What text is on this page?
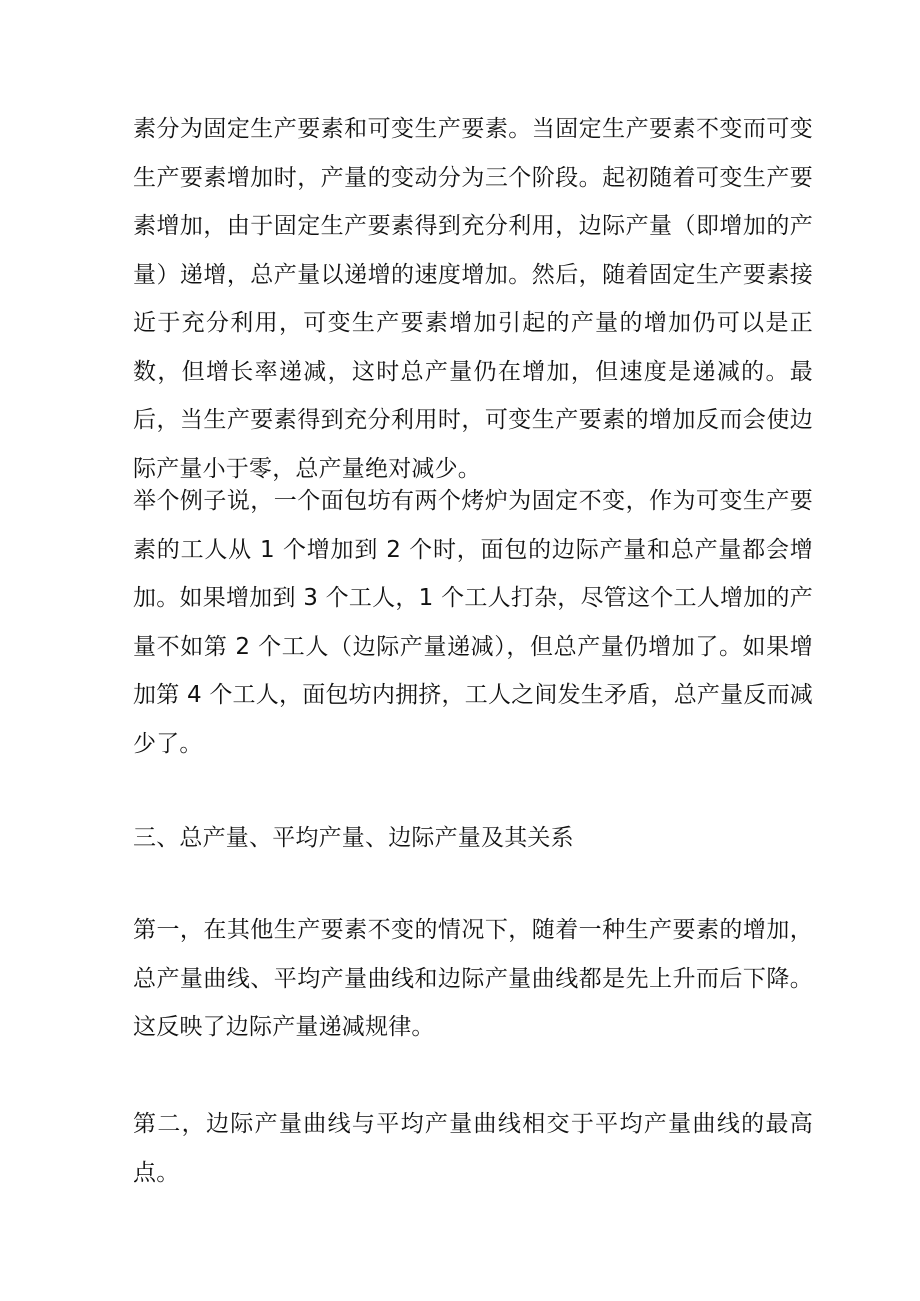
素分为固定生产要素和可变生产要素。当固定生产要素不变而可变生产要素增加时，产量的变动分为三个阶段。起初随着可变生产要素增加，由于固定生产要素得到充分利用，边际产量（即增加的产量）递增，总产量以递增的速度增加。然后，随着固定生产要素接近于充分利用，可变生产要素增加引起的产量的增加仍可以是正数，但增长率递减，这时总产量仍在增加，但速度是递减的。最后，当生产要素得到充分利用时，可变生产要素的增加反而会使边际产量小于零，总产量绝对减少。

举个例子说，一个面包坊有两个烤炉为固定不变，作为可变生产要素的工人从 1 个增加到 2 个时，面包的边际产量和总产量都会增加。如果增加到 3 个工人，1 个工人打杂，尽管这个工人增加的产量不如第 2 个工人（边际产量递减），但总产量仍增加了。如果增加第 4 个工人，面包坊内拥挤，工人之间发生矛盾，总产量反而减少了。

三、总产量、平均产量、边际产量及其关系

第一，在其他生产要素不变的情况下，随着一种生产要素的增加，总产量曲线、平均产量曲线和边际产量曲线都是先上升而后下降。这反映了边际产量递减规律。

第二，边际产量曲线与平均产量曲线相交于平均产量曲线的最高点。
